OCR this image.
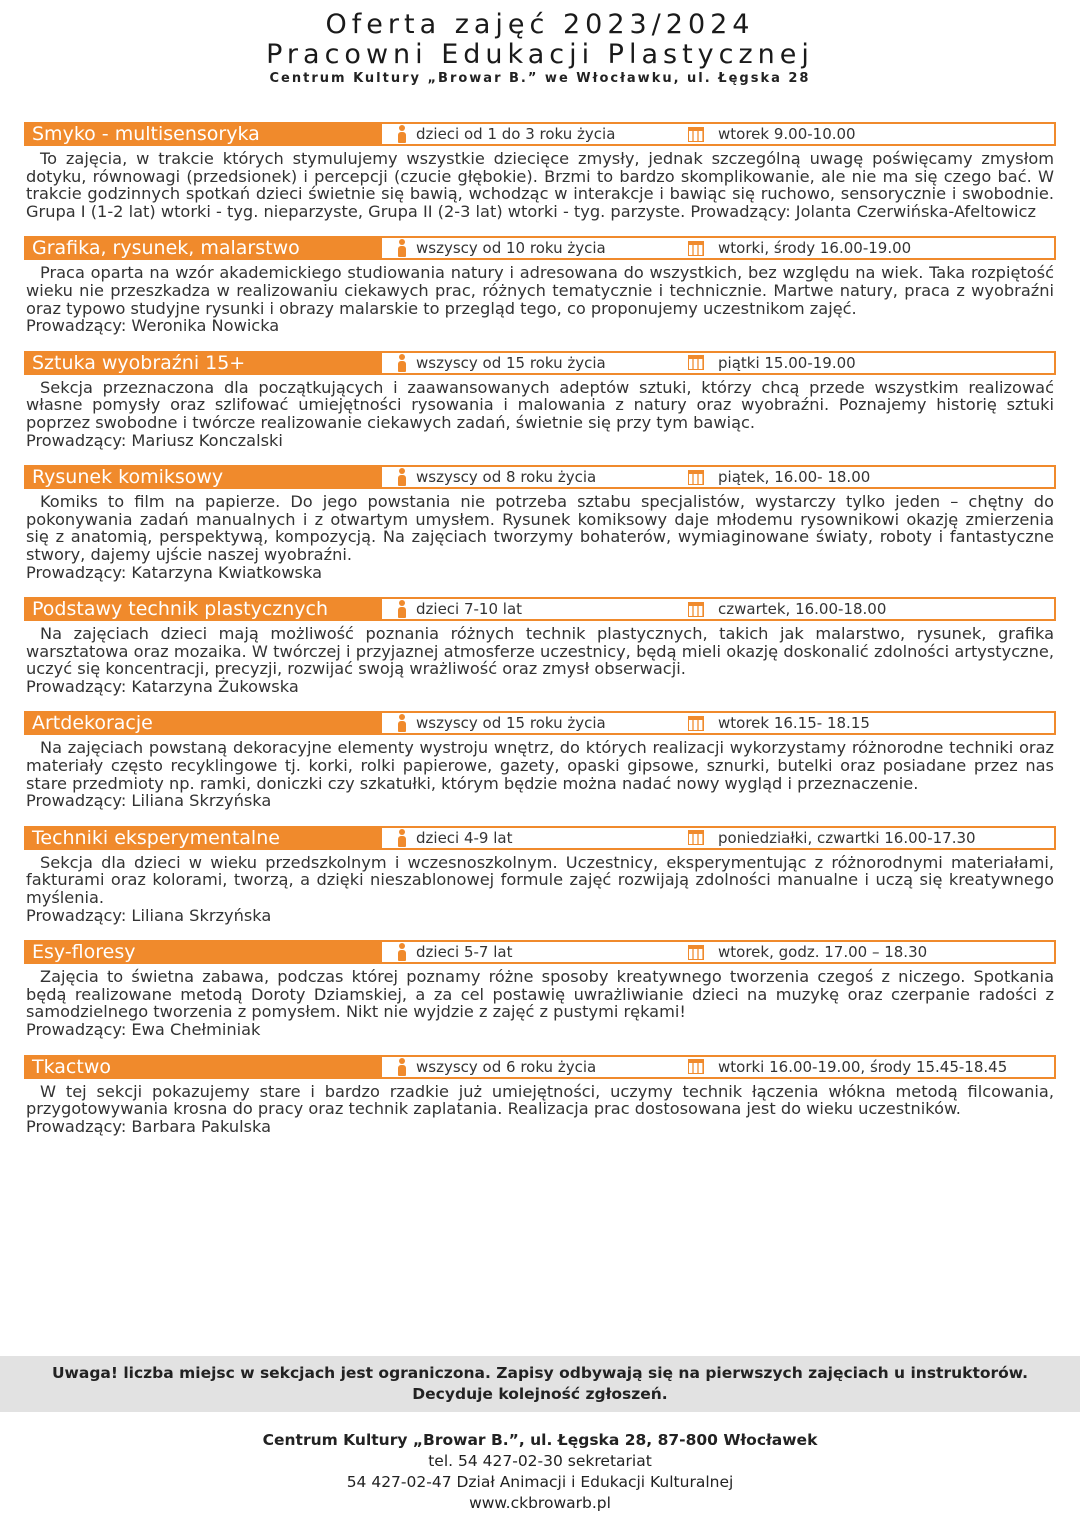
Oferta zajęć 2023/2024
Pracowni Edukacji Plastycznej
Centrum Kultury „Browar B.” we Włocławku, ul. Łęgska 28
Smyko - multisensoryka	dzieci od 1 do 3 roku życia	wtorek 9.00-10.00
To zajęcia, w trakcie których stymulujemy wszystkie dziecięce zmysły, jednak szczególną uwagę poświęcamy zmysłom dotyku, równowagi (przedsionek) i percepcji (czucie głębokie). Brzmi to bardzo skomplikowanie, ale nie ma się czego bać. W trakcie godzinnych spotkań dzieci świetnie się bawią, wchodząc w interakcje i bawiąc się ruchowo, sensorycznie i swobodnie. Grupa I (1-2 lat) wtorki - tyg. nieparzyste, Grupa II (2-3 lat) wtorki - tyg. parzyste. Prowadzący: Jolanta Czerwińska-Afeltowicz
Grafika, rysunek, malarstwo	wszyscy od 10 roku życia	wtorki, środy 16.00-19.00
Praca oparta na wzór akademickiego studiowania natury i adresowana do wszystkich, bez względu na wiek. Taka rozpiętość wieku nie przeszkadza w realizowaniu ciekawych prac, różnych tematycznie i technicznie. Martwe natury, praca z wyobraźni oraz typowo studyjne rysunki i obrazy malarskie to przegląd tego, co proponujemy uczestnikom zajęć.
Prowadzący: Weronika Nowicka
Sztuka wyobraźni 15+	wszyscy od 15 roku życia	piątki 15.00-19.00
Sekcja przeznaczona dla początkujących i zaawansowanych adeptów sztuki, którzy chcą przede wszystkim realizować własne pomysły oraz szlifować umiejętności rysowania i malowania z natury oraz wyobraźni. Poznajemy historię sztuki poprzez swobodne i twórcze realizowanie ciekawych zadań, świetnie się przy tym bawiąc.
Prowadzący: Mariusz Konczalski
Rysunek komiksowy	wszyscy od 8 roku życia	piątek, 16.00- 18.00
Komiks to film na papierze. Do jego powstania nie potrzeba sztabu specjalistów, wystarczy tylko jeden – chętny do pokonywania zadań manualnych i z otwartym umysłem. Rysunek komiksowy daje młodemu rysownikowi okazję zmierzenia się z anatomią, perspektywą, kompozycją. Na zajęciach tworzymy bohaterów, wymiaginowane światy, roboty i fantastyczne stwory, dajemy ujście naszej wyobraźni.
Prowadzący: Katarzyna Kwiatkowska
Podstawy technik plastycznych	dzieci 7-10 lat	czwartek, 16.00-18.00
Na zajęciach dzieci mają możliwość poznania różnych technik plastycznych, takich jak malarstwo, rysunek, grafika warsztatowa oraz mozaika. W twórczej i przyjaznej atmosferze uczestnicy, będą mieli okazję doskonalić zdolności artystyczne, uczyć się koncentracji, precyzji, rozwijać swoją wrażliwość oraz zmysł obserwacji.
Prowadzący: Katarzyna Żukowska
Artdekoracje	wszyscy od 15 roku życia	wtorek 16.15- 18.15
Na zajęciach powstaną dekoracyjne elementy wystroju wnętrz, do których realizacji wykorzystamy różnorodne techniki oraz materiały często recyklingowe tj. korki, rolki papierowe, gazety, opaski gipsowe, sznurki, butelki oraz posiadane przez nas stare przedmioty np. ramki, doniczki czy szkatułki, którym będzie można nadać nowy wygląd i przeznaczenie.
Prowadzący: Liliana Skrzyńska
Techniki eksperymentalne	dzieci 4-9 lat	poniedziałki, czwartki 16.00-17.30
Sekcja dla dzieci w wieku przedszkolnym i wczesnoszkolnym. Uczestnicy, eksperymentując z różnorodnymi materiałami, fakturami oraz kolorami, tworzą, a dzięki nieszablonowej formule zajęć rozwijają zdolności manualne i uczą się kreatywnego myślenia.
Prowadzący: Liliana Skrzyńska
Esy-floresy	dzieci 5-7 lat	wtorek, godz. 17.00 – 18.30
Zajęcia to świetna zabawa, podczas której poznamy różne sposoby kreatywnego tworzenia czegoś z niczego. Spotkania będą realizowane metodą Doroty Dziamskiej, a za cel postawię uwrażliwianie dzieci na muzykę oraz czerpanie radości z samodzielnego tworzenia z pomysłem. Nikt nie wyjdzie z zajęć z pustymi rękami!
Prowadzący: Ewa Chełminiak
Tkactwo	wszyscy od 6 roku życia	wtorki 16.00-19.00, środy 15.45-18.45
W tej sekcji pokazujemy stare i bardzo rzadkie już umiejętności, uczymy technik łączenia włókna metodą filcowania, przygotowywania krosna do pracy oraz technik zaplatania. Realizacja prac dostosowana jest do wieku uczestników.
Prowadzący: Barbara Pakulska
Uwaga! liczba miejsc w sekcjach jest ograniczona. Zapisy odbywają się na pierwszych zajęciach u instruktorów.
Decyduje kolejność zgłoszeń.
Centrum Kultury „Browar B.”, ul. Łęgska 28, 87-800 Włocławek
tel. 54 427-02-30 sekretariat
54 427-02-47 Dział Animacji i Edukacji Kulturalnej
www.ckbrowarb.pl
